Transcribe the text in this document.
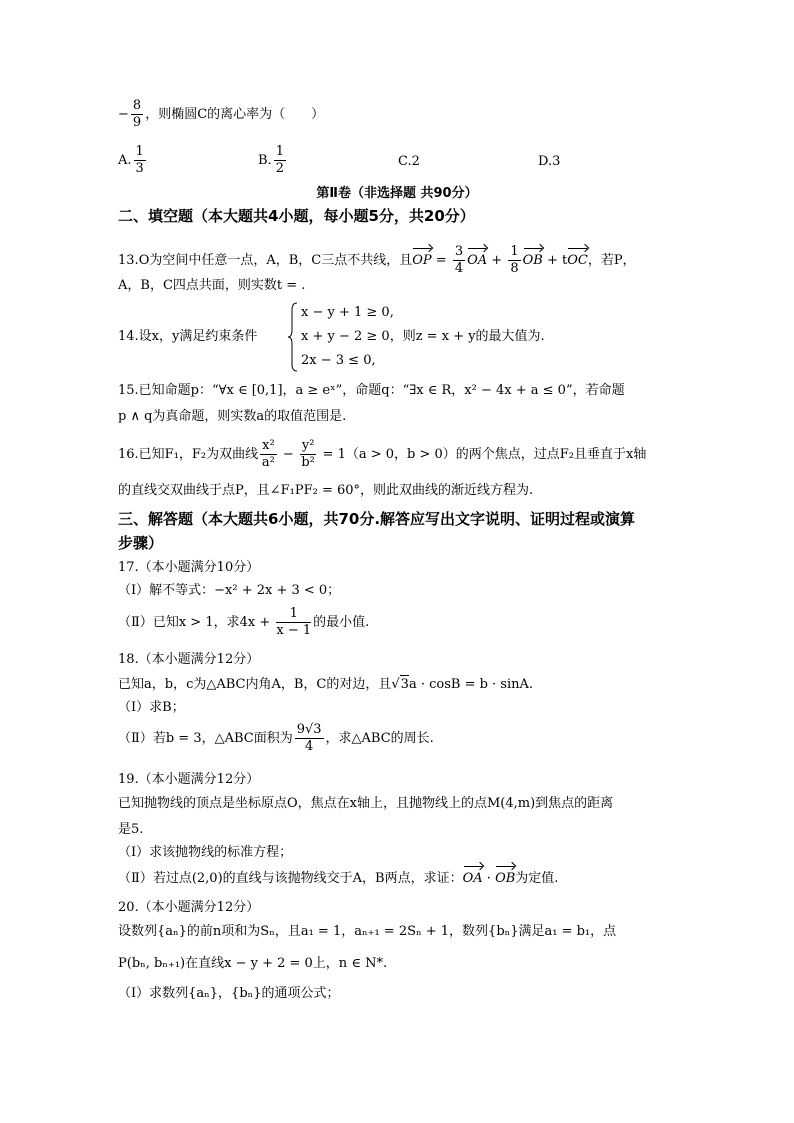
− $\frac{8}{9}$ ，则椭圆C的离心率为（　　）
A. $\frac{1}{3}$	B. $\frac{1}{2}$	C.2	D.3
第Ⅱ卷（非选择题 共90分）
二、填空题（本大题共4小题，每小题5分，共20分）
13.O为空间中任意一点，A，B，C三点不共线，且OP = $\frac{3}{4}$ OA + $\frac{1}{8}$ OB + tOC，若P，
A，B，C四点共面，则实数t = .
14.设x，y满足约束条件
x − y + 1 ≥ 0,
x + y − 2 ≥ 0，则z = x + y的最大值为.
2x − 3 ≤ 0,
15.已知命题p：“∀x ∈ [0,1]，a ≥ eˣ”，命题q：“∃x ∈ R，x² − 4x + a ≤ 0”，若命题
p ∧ q为真命题，则实数a的取值范围是.
16.已知F₁，F₂为双曲线 $\frac{\text{x²}}{\text{a²}} - \frac{\text{y²}}{\text{b²}} = 1(a > 0$，b > 0）的两个焦点，过点F₂且垂直于x轴
的直线交双曲线于点P，且∠F₁PF₂ = 60°，则此双曲线的渐近线方程为.
三、解答题（本大题共6小题，共70分.解答应写出文字说明、证明过程或演算
步骤）
17.（本小题满分10分）
（Ⅰ）解不等式：−x² + 2x + 3 < 0；
（Ⅱ）已知x > 1，求$4x + \frac{1}{x - 1}$ 的最小值.
18.（本小题满分12分）
已知a，b，c为△ABC内角A，B，C的对边，且√3a · cosB = b · sinA.
（Ⅰ）求B；
（Ⅱ）若b = 3，△ABC面积为 $\frac{9√3}{4}$ ，求△ABC的周长.
19.（本小题满分12分）
已知抛物线的顶点是坐标原点O，焦点在x轴上，且抛物线上的点M(4,m)到焦点的距离
是5.
（Ⅰ）求该抛物线的标准方程；
（Ⅱ）若过点(2,0)的直线与该抛物线交于A，B两点，求证：OA · OB为定值.
20.（本小题满分12分）
设数列{aₙ}的前n项和为Sₙ，且a₁ = 1，aₙ₊₁ = 2Sₙ + 1，数列{bₙ}满足a₁ = b₁，点
P(bₙ, bₙ₊₁)在直线x − y + 2 = 0上，n ∈ N*.
（Ⅰ）求数列{aₙ}，{bₙ}的通项公式；
